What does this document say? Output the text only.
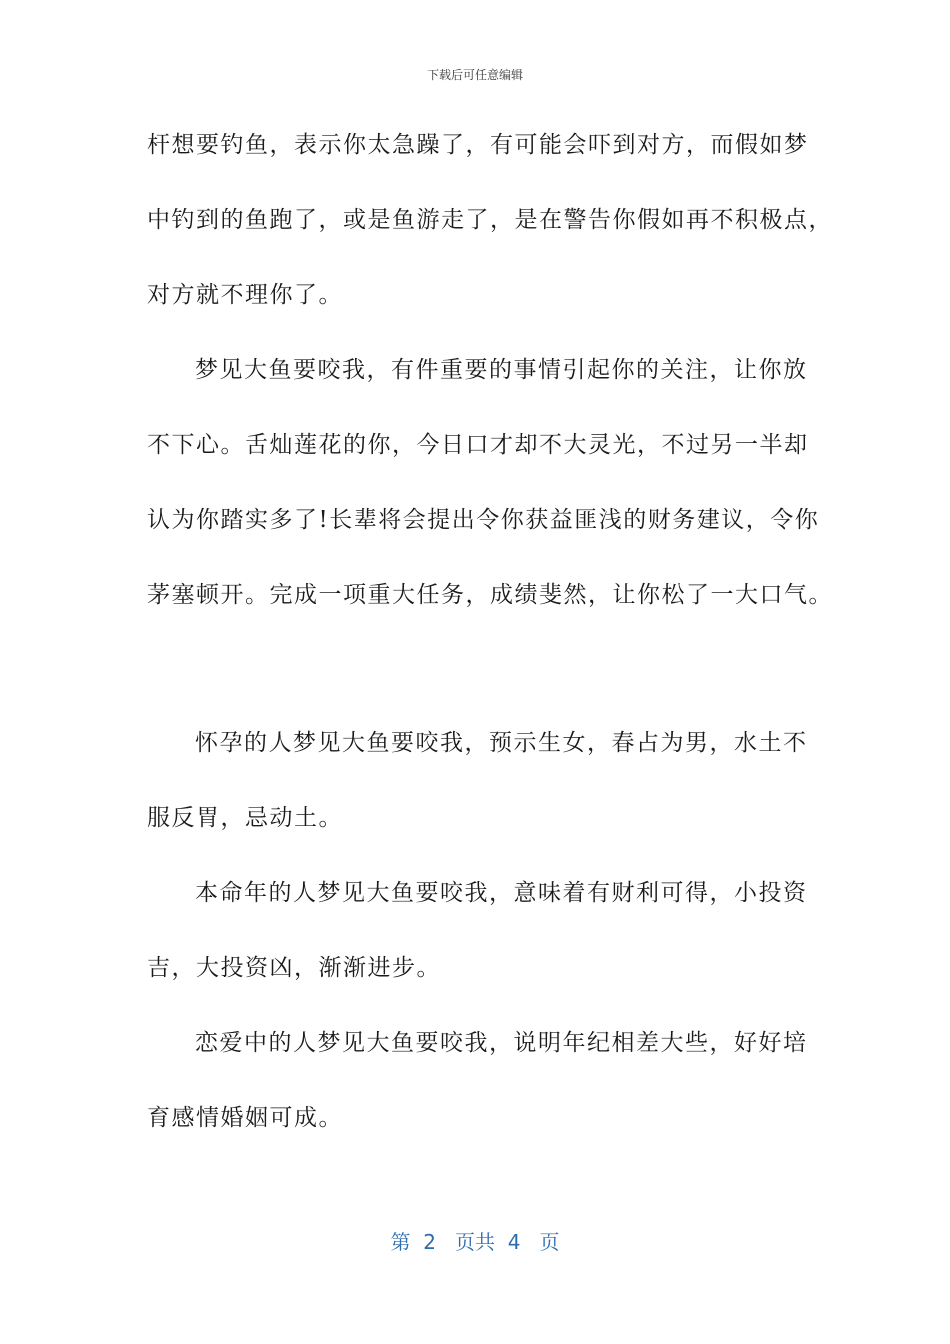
下载后可任意编辑
杆想要钓鱼，表示你太急躁了，有可能会吓到对方，而假如梦
中钓到的鱼跑了，或是鱼游走了，是在警告你假如再不积极点，
对方就不理你了。
梦见大鱼要咬我，有件重要的事情引起你的关注，让你放
不下心。舌灿莲花的你，今日口才却不大灵光，不过另一半却
认为你踏实多了!长辈将会提出令你获益匪浅的财务建议，令你
茅塞顿开。完成一项重大任务，成绩斐然，让你松了一大口气。
怀孕的人梦见大鱼要咬我，预示生女，春占为男，水土不
服反胃，忌动土。
本命年的人梦见大鱼要咬我，意味着有财利可得，小投资
吉，大投资凶，渐渐进步。
恋爱中的人梦见大鱼要咬我，说明年纪相差大些，好好培
育感情婚姻可成。
第  2   页共  4   页
